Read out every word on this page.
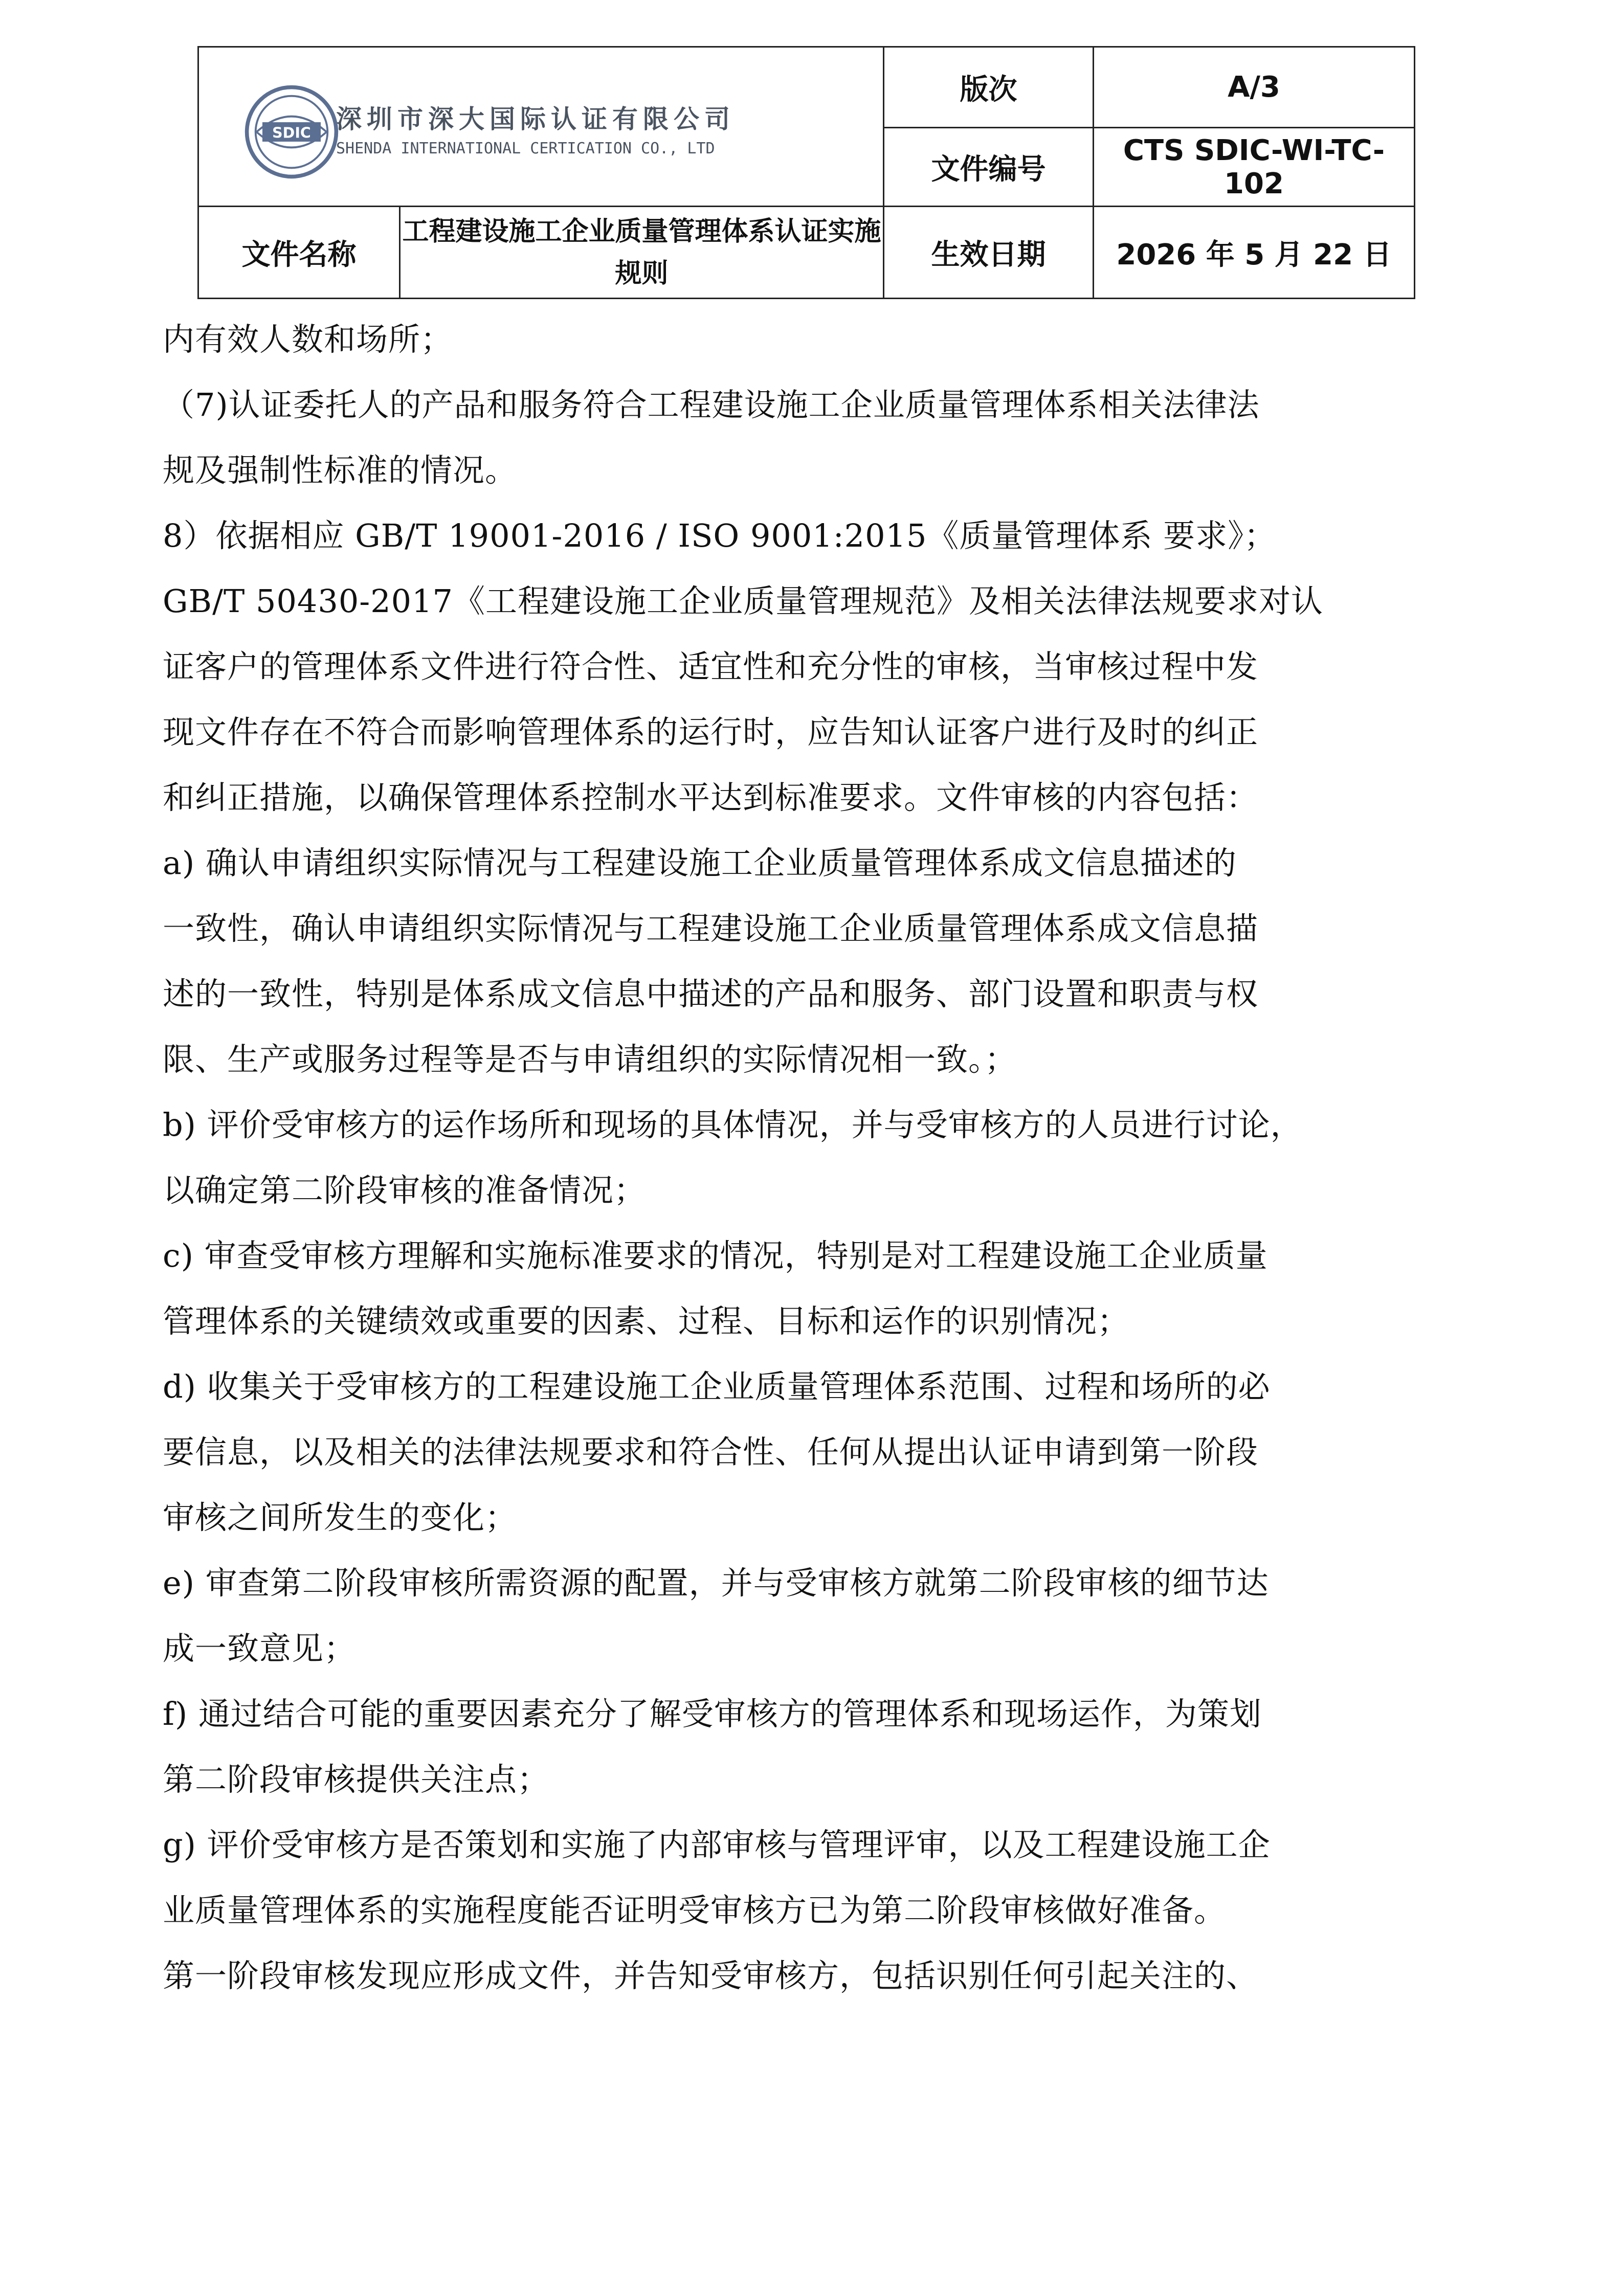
SDIC 深圳市深大国际认证有限公司
SHENDA INTERNATIONAL CERTICATION CO., LTD		版次	A/3
		文件编号	CTS SDIC-WI-TC-102
文件名称	工程建设施工企业质量管理体系认证实施规则	生效日期	2026 年 5 月 22 日

内有效人数和场所；

（7)认证委托人的产品和服务符合工程建设施工企业质量管理体系相关法律法

规及强制性标准的情况。

8）依据相应 GB/T 19001-2016 / ISO 9001:2015《质量管理体系 要求》；

GB/T 50430-2017《工程建设施工企业质量管理规范》及相关法律法规要求对认

证客户的管理体系文件进行符合性、适宜性和充分性的审核，当审核过程中发

现文件存在不符合而影响管理体系的运行时，应告知认证客户进行及时的纠正

和纠正措施，以确保管理体系控制水平达到标准要求。文件审核的内容包括：

a) 确认申请组织实际情况与工程建设施工企业质量管理体系成文信息描述的

一致性，确认申请组织实际情况与工程建设施工企业质量管理体系成文信息描

述的一致性，特别是体系成文信息中描述的产品和服务、部门设置和职责与权

限、生产或服务过程等是否与申请组织的实际情况相一致。；

b) 评价受审核方的运作场所和现场的具体情况，并与受审核方的人员进行讨论，

以确定第二阶段审核的准备情况；

c) 审查受审核方理解和实施标准要求的情况，特别是对工程建设施工企业质量

管理体系的关键绩效或重要的因素、过程、目标和运作的识别情况；

d) 收集关于受审核方的工程建设施工企业质量管理体系范围、过程和场所的必

要信息，以及相关的法律法规要求和符合性、任何从提出认证申请到第一阶段

审核之间所发生的变化；

e) 审查第二阶段审核所需资源的配置，并与受审核方就第二阶段审核的细节达

成一致意见；

f) 通过结合可能的重要因素充分了解受审核方的管理体系和现场运作，为策划

第二阶段审核提供关注点；

g) 评价受审核方是否策划和实施了内部审核与管理评审，以及工程建设施工企

业质量管理体系的实施程度能否证明受审核方已为第二阶段审核做好准备。

第一阶段审核发现应形成文件，并告知受审核方，包括识别任何引起关注的、
